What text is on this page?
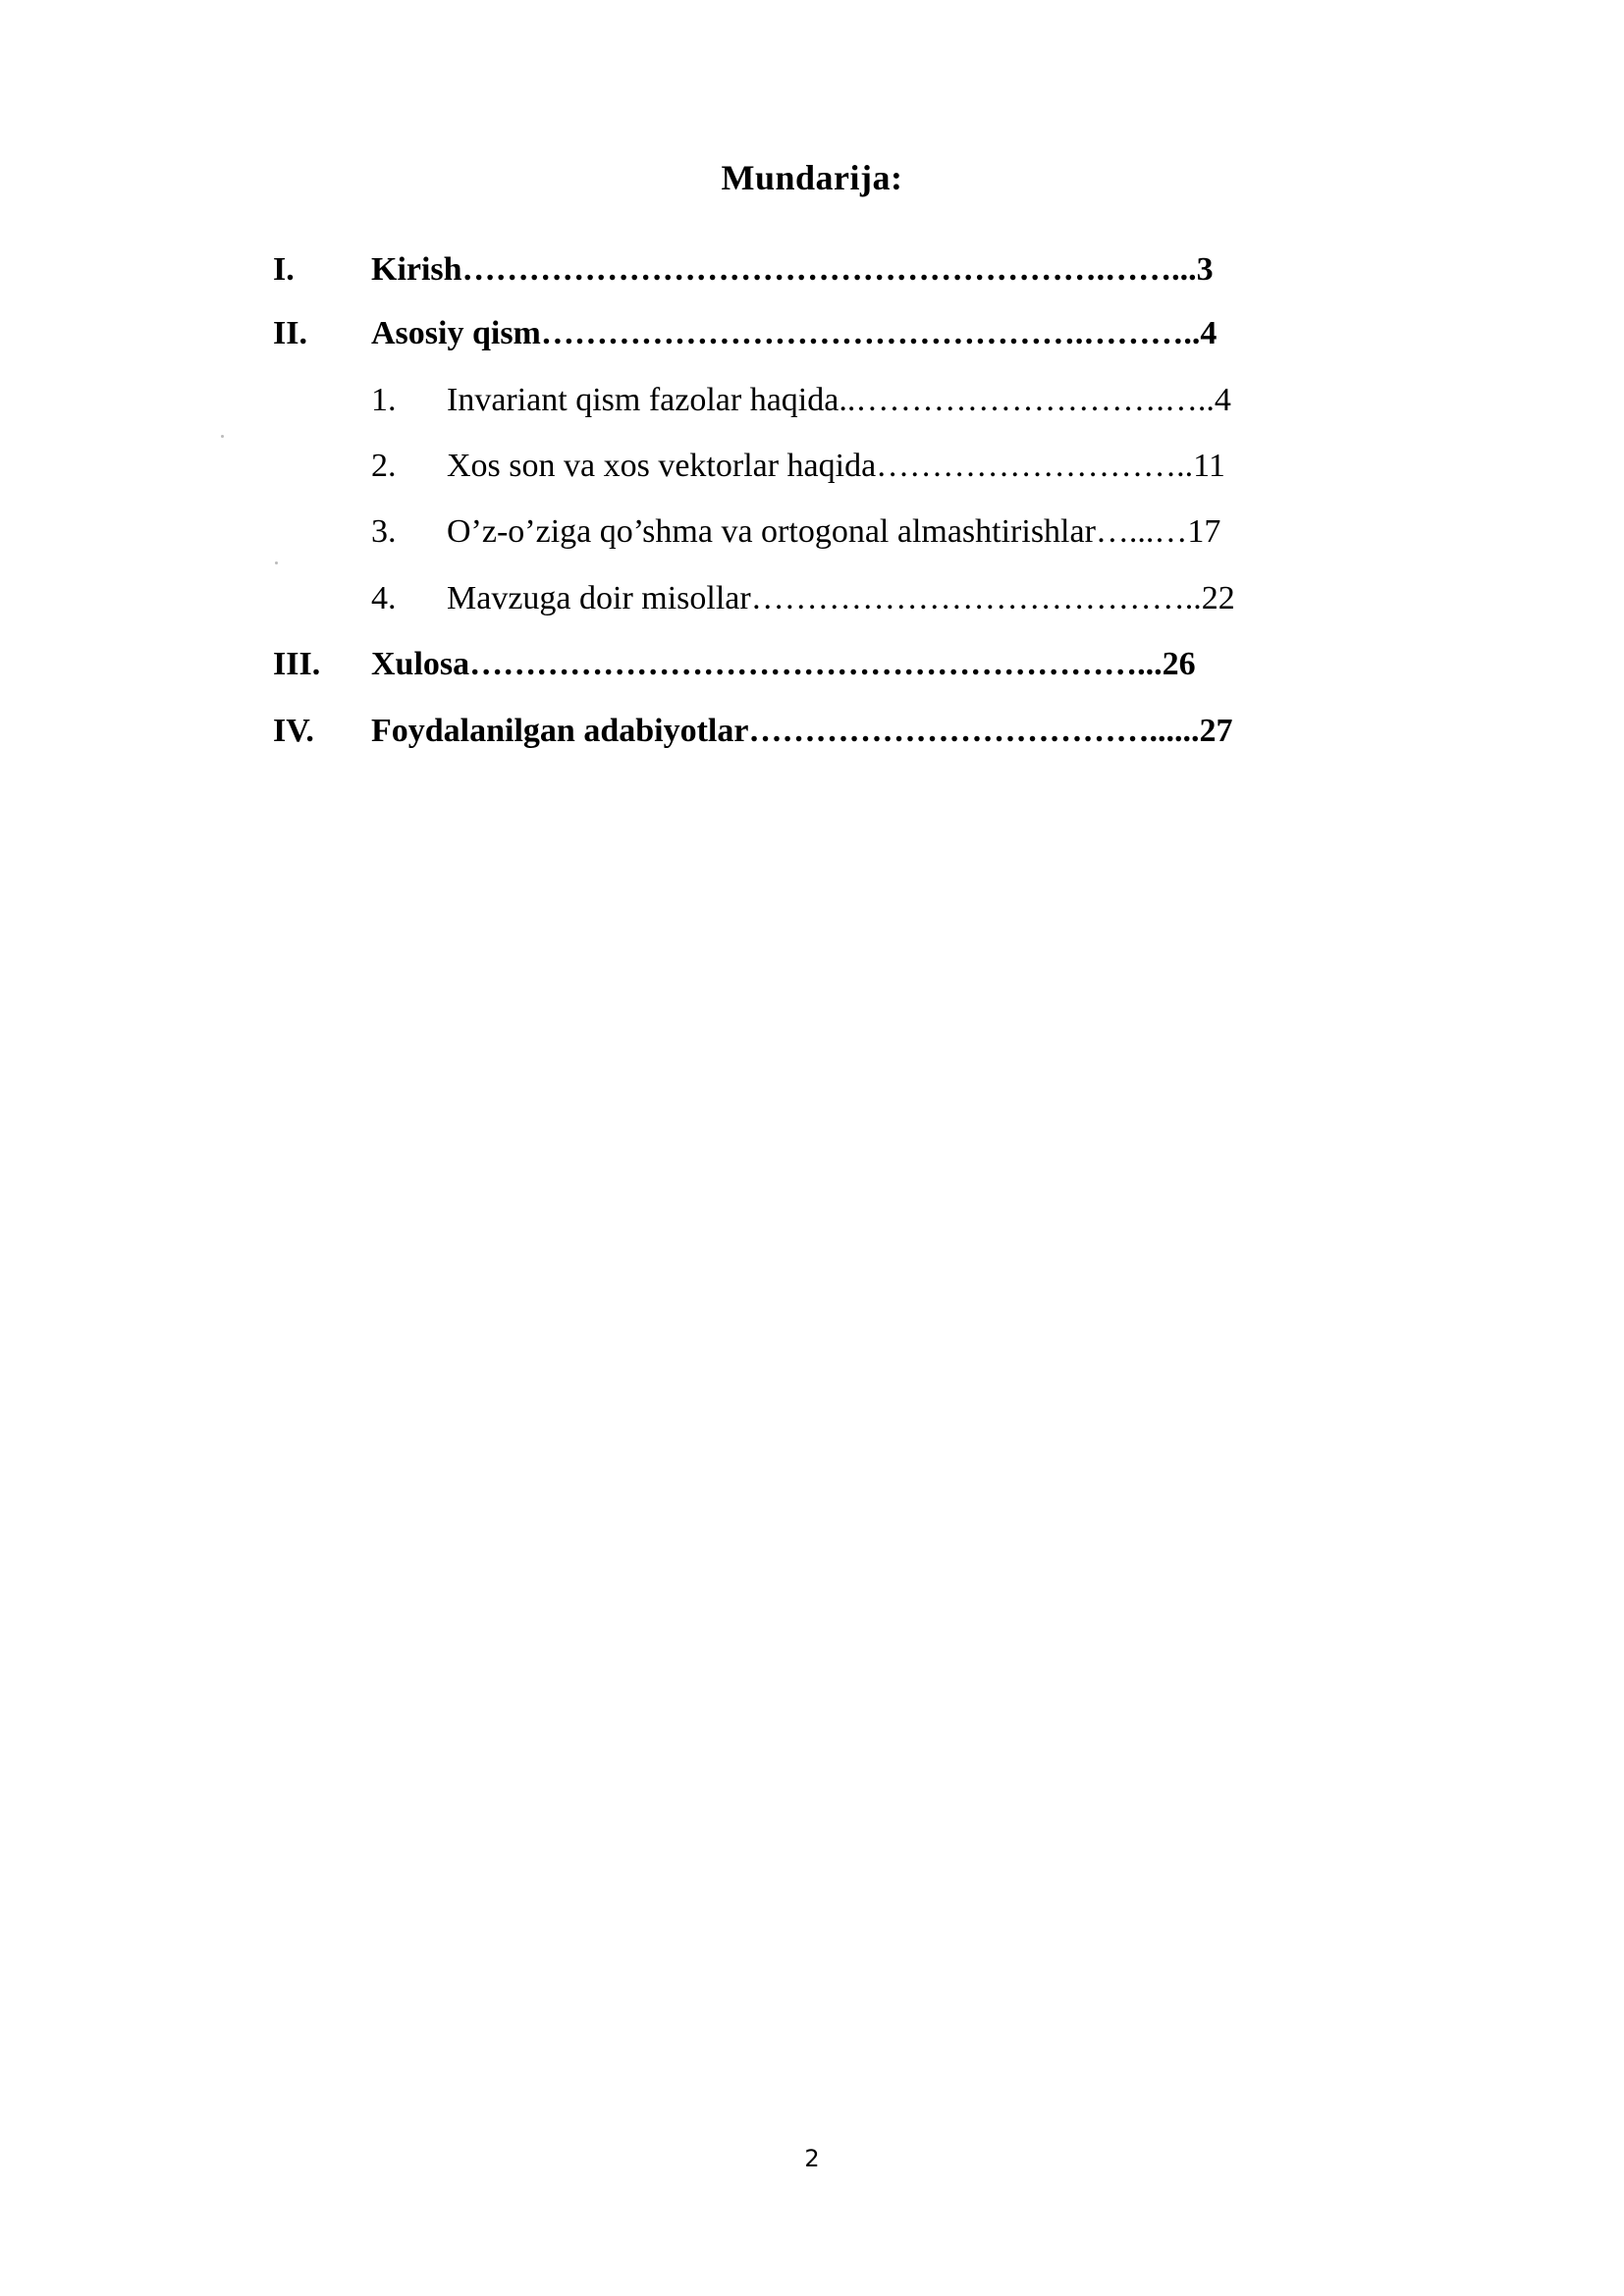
Mundarija:
I. Kirish………………………………………………….……...3
II. Asosiy qism………………………………………….………..4
1. Invariant qism fazolar haqida..……………………….…..4
2. Xos son va xos vektorlar haqida………………………..11
3. O’z-o’ziga qo’shma va ortogonal almashtirishlar…...…17
4. Mavzuga doir misollar…………………………………..22
III. Xulosa……………………………………………………...26
IV. Foydalanilgan adabiyotlar………………………………......27
2
